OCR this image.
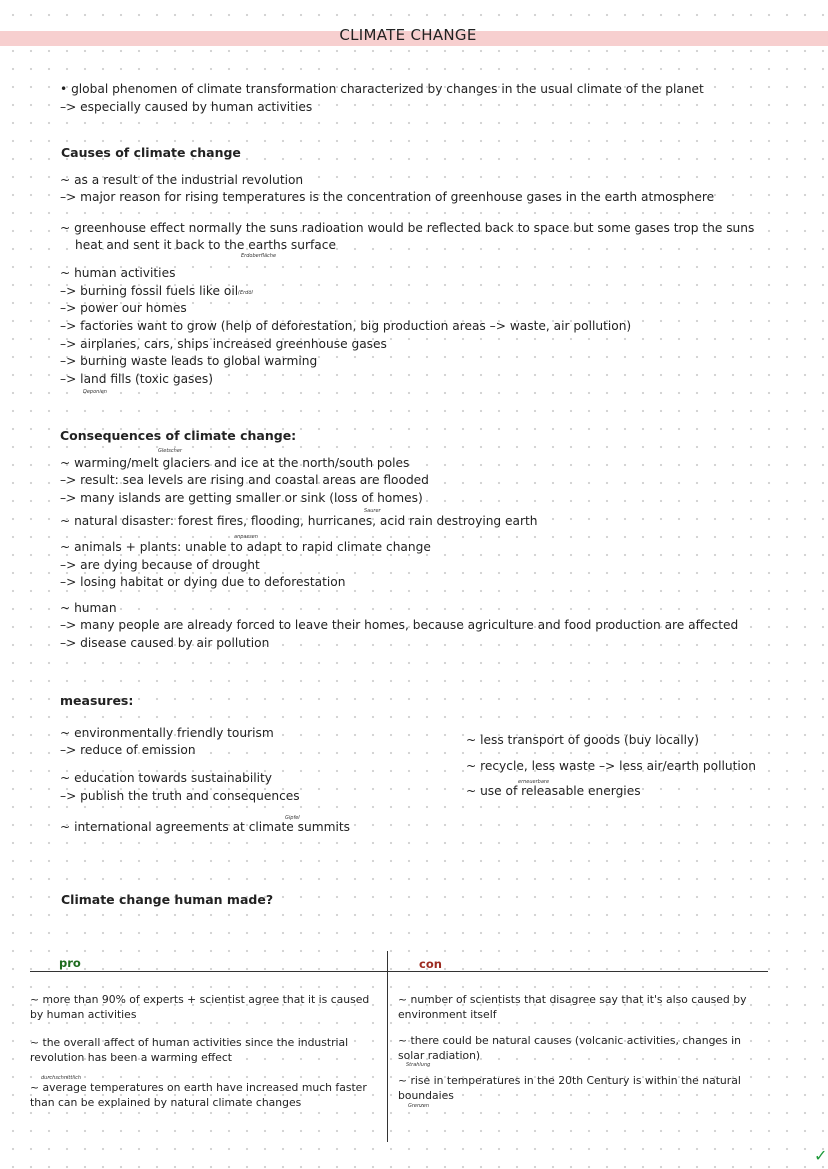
CLIMATE CHANGE
• global phenomen of climate transformation characterized by changes in the usual climate of the planet
–> especially caused by human activities
Causes of climate change
~ as a result of the industrial revolution
–> major reason for rising temperatures is the concentration of greenhouse gases in the earth atmosphere
~ greenhouse effect normally the suns radioation would be reflected back to space but some gases trop the suns
heat and sent it back to the earths surface
Erdoberfläche
~ human activities
–> burning fossil fuels like oil (Erdöl
–> power our homes
–> factories want to grow (help of deforestation, big production areas –> waste, air pollution)
–> airplanes, cars, ships increased greenhouse gases
–> burning waste leads to global warming
–> land fills (toxic gases)
Deponien
Consequences of climate change:
Gletscher
~ warming/melt glaciers and ice at the north/south poles
–> result: sea levels are rising and coastal areas are flooded
–> many islands are getting smaller or sink (loss of homes)
Saurer
~ natural disaster: forest fires, flooding, hurricanes, acid rain destroying earth
anpassen
~ animals + plants: unable to adapt to rapid climate change
–> are dying because of drought
–> losing habitat or dying due to deforestation
~ human
–> many people are already forced to leave their homes, because agriculture and food production are affected
–> disease caused by air pollution
measures:
~ environmentally friendly tourism
–> reduce of emission
~ education towards sustainability
–> publish the truth and consequences
Gipfel
~ international agreements at climate summits
~ less transport of goods (buy locally)
~ recycle, less waste –> less air/earth pollution
erneuerbare
~ use of releasable energies
Climate change human made?
pro	con
~ more than 90% of experts + scientist agree that it is caused by human activities
~ the overall affect of human activities since the industrial revolution has been a warming effect
durchschnittlich
~ average temperatures on earth have increased much faster than can be explained by natural climate changes
~ number of scientists that disagree say that it's also caused by environment itself
~ there could be natural causes (volcanic activities, changes in solar radiation)
Strahlung
~ rise in temperatures in the 20th Century is within the natural boundaies
Grenzen
✓
